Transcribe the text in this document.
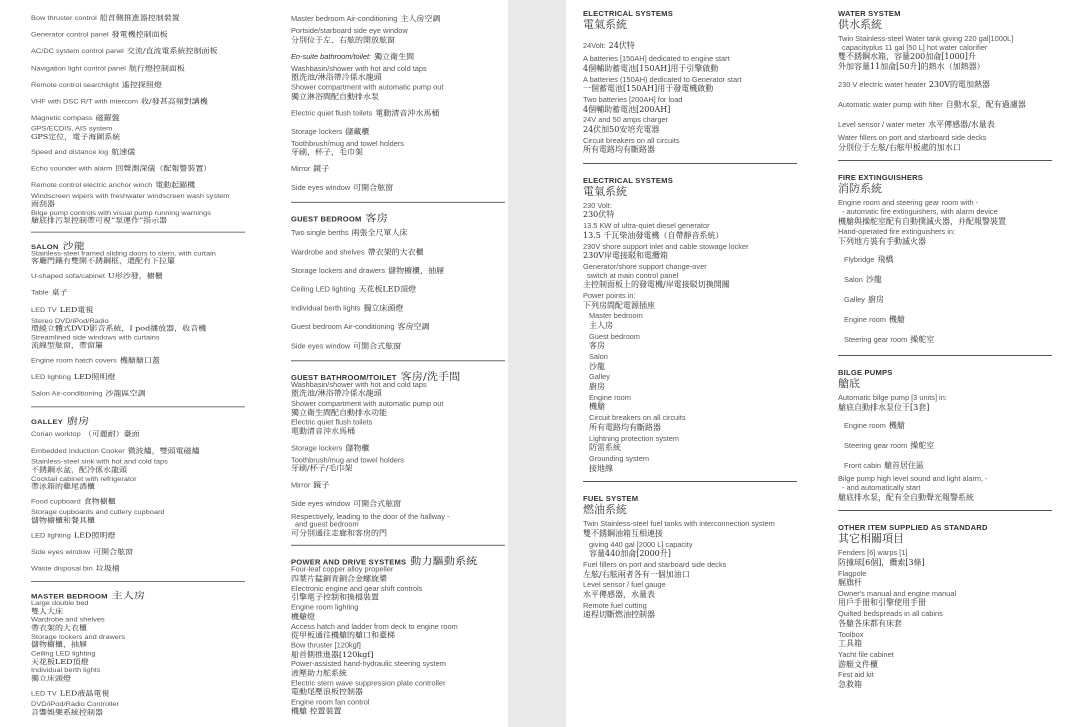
Bow thruster control 船首側推進器控制裝置
Generator control panel 發電機控制面板
AC/DC system control panel 交流/直流電系統控制面板
Navigation light control panel 航行燈控制面板
Remote control searchlight 遙控探照燈
VHF with DSC R/T with intercom 收/發甚高頻對講機
Magnetic compass 磁羅盤
GPS/ECDIS, AIS system
GPS定位，電子海圖系統
Speed and distance log 航速儀
Echo sounder with alarm 回聲測深儀（配報警裝置）
Remote control electric anchor winch 電動起錨機
Windscreen wipers with freshwater windscreen wash system
雨刮器
Bilge pump controls with visual pump running warnings
艙底排污泵控制帶可視“泵運作”指示器
SALON 沙龍
Stainless-steel framed sliding doors to stern, with curtain
客廳門鑲有雙開不銹鋼框，還配有下拉簾
U-shaped sofa/cabinet U形沙發，櫥櫃
Table 桌子
LED TV LED電視
Stereo DVD/iPod/Radio
環繞立體式DVD影音系統，I pod播放器，收音機
Streamlined side windows with curtains
流線型舷窗，帶窗簾
Engine room hatch covers 機艙艙口蓋
LED lighting LED照明燈
Salon Air-conditioning 沙龍區空調
GALLEY 廚房
Corian worktop （可麗耐）臺面
Embedded Induction Cooker 微波爐，雙頭電磁爐
Stainless-steel sink with hot and cold taps
不銹鋼水盆，配冷係水龍頭
Cocktail cabinet with refrigerator
帶冰箱的雞尾酒櫃
Food cupboard 食物櫥櫃
Storage cupboards and cutlery cupboard
儲物櫥櫃和餐具櫃
LED lighting LED照明燈
Side eyes window 可開合舷窗
Waste disposal bin 垃圾桶
MASTER BEDROOM 主人房
Large double bed
雙人大床
Wardrobe and shelves
帶衣架的大衣櫃
Storage lockers and drawers
儲物櫥櫃，抽屜
Ceiling LED lighting
天花板LED頂燈
Individual berth lights
獨立床頭燈
LED TV LED液晶電視
DVD/iPod/Radio Controller
音響娛樂系統控制器
Master bedroom Air-conditioning 主人房空調
Portside/starboard side eye window
分別位于左、右舷的開放舷窗
En-suite bathroom/toilet: 獨立衛生間
Washbasin/shower with hot and cold taps
盥洗池/淋浴帶冷係水龍頭
Shower compartment with automatic pump out
獨立淋浴間配自動排水泵
Electric quiet flush toilets 電動清音沖水馬桶
Storage lockers 儲藏櫃
Toothbrush/mug and towel holders
牙刷，杯子，毛巾架
Mirror 鏡子
Side eyes window 可開合舷窗
GUEST BEDROOM 客房
Two single berths 兩張全尺單人床
Wardrobe and shelves 帶衣架的大衣櫃
Storage lockers and drawers 儲物櫥櫃，抽屜
Ceiling LED lighting 天花板LED頂燈
Individual berth lights 獨立床頭燈
Guest bedroom Air-conditioning 客房空調
Side eyes window 可開合式舷窗
GUEST BATHROOM/TOILET 客房/洗手間
Washbasin/shower with hot and cold taps
盥洗池/淋浴帶冷係水龍頭
Shower compartment with automatic pump out
獨立衛生間配自動排水功能
Electric quiet flush toilets
電動清音沖水馬桶
Storage lockers 儲物櫃
Toothbrush/mug and towel holders
牙刷/杯子/毛巾架
Mirror 鏡子
Side eyes window 可開合式舷窗
Respectively, leading to the door of the hallway -
and guest bedroom
可分別通往走廊和客房的門
POWER AND DRIVE SYSTEMS 動力驅動系統
Four-leaf copper alloy propeller
四葉片錳銅青銅合金螺旋槳
Electronic engine and gear shift controls
引擎電子控制和換檔裝置
Engine room lighting
機艙燈
Access hatch and ladder from deck to engine room
從甲板通往機艙的艙口和臺梯
Bow thruster [120kgf]
船首側推進器[120kgf]
Power-assisted hand-hydraulic steering system
液壓助力舵系統
Electric stern wave suppression plate controller
電動尾壓浪板控制器
Engine room fan control
機艙 控置裝置
ELECTRICAL SYSTEMS
電氣系統
24Volt: 24伏特
A batteries [150AH] dedicated to engine start
4個輔助蓄電池[150AH]用于引擎啟動
A batteries (150AH) dedicated to Generator start
一個蓄電池[150AH]用于發電機啟動
Two batteries [200AH] for load
4個輔助蓄電池[200AH]
24V and 50 amps charger
24伏加50安培充電器
Circuit breakers on all circuits
所有電路均有斷路器
ELECTRICAL SYSTEMS
電氣系統
230 Volt:
230伏特
13.5 KW of ultra-quiet diesel generator
13.5 千瓦柴油發電機（自帶靜音系統）
230V shore support inlet and cable stowage locker
230V岸電接駁和電纜箱
Generator/shore support change-over
switch at main control panel
主控制面板上的發電機/岸電接駁切換開關
Power points in:
下列房間配電源插座
Master bedroom
主人房
Guest bedroom
客房
Salon
沙龍
Galley
廚房
Engine room
機艙
Circuit breakers on all circuits
所有電路均有斷路器
Lightning protection system
防雷系統
Grounding system
接地線
FUEL SYSTEM
燃油系統
Twin Stainless-steel fuel tanks with interconnection system
雙不銹鋼油箱互相連接
giving 440 gal [2000 L] capacity
容量440加侖[2000升]
Fuel fillers on port and starboard side decks
左舷/右舷兩者各有一個加油口
Level sensor / fuel gauge
水平傳感器，水量表
Remote fuel cutting
遠程切斷燃油控制器
WATER SYSTEM
供水系統
Twin Stainless-steel Water tank giving 220 gal[1000L]
capacityplus 11 gal [50 L] hot water calorifier
雙不銹鋼水箱，容量200加侖[1000]升
外加容量11加侖[50升]的熱水（加熱器）
230 V electric water heater 230V的電加熱器
Automatic water pump with filter 自動水泵，配有過濾器
Level sensor / water meter 水平傳感器/水量表
Water fillers on port and starboard side decks
分別位于左舷/右舷甲板處的加水口
FIRE EXTINGUISHERS
消防系統
Engine room and steering gear room with -
- automatic fire extinguishers, with alarm device
機艙與操舵室配有自動撲滅火器，并配報警裝置
Hand-operated fire extinguishers in:
下列地方裝有手動滅火器
Flybridge 飛橋
Salon 沙龍
Galley 廚房
Engine room 機艙
Steering gear room 操舵室
BILGE PUMPS
艙底
Automatic bilge pump [3 units] in:
艙底自動排水泵位于[3套]
Engine room 機艙
Steering gear room 操舵室
Front cabin 艙首居住區
Bilge pump high level sound and light alarm, -
- and automatically start
艙底排水泵，配有全自動聲光報警系統
OTHER ITEM SUPPLIED AS STANDARD
其它相關項目
Fenders [6] warps [1]
防撞球[6個]，纜索[3條]
Flagpole
艉旗杆
Owner's manual and engine manual
用戶手冊和引擎使用手冊
Quilted bedspreads in all cabins
各艙各床都有床套
Toolbox
工具箱
Yacht file cabinet
游艇文件櫃
First aid kit
急救箱
